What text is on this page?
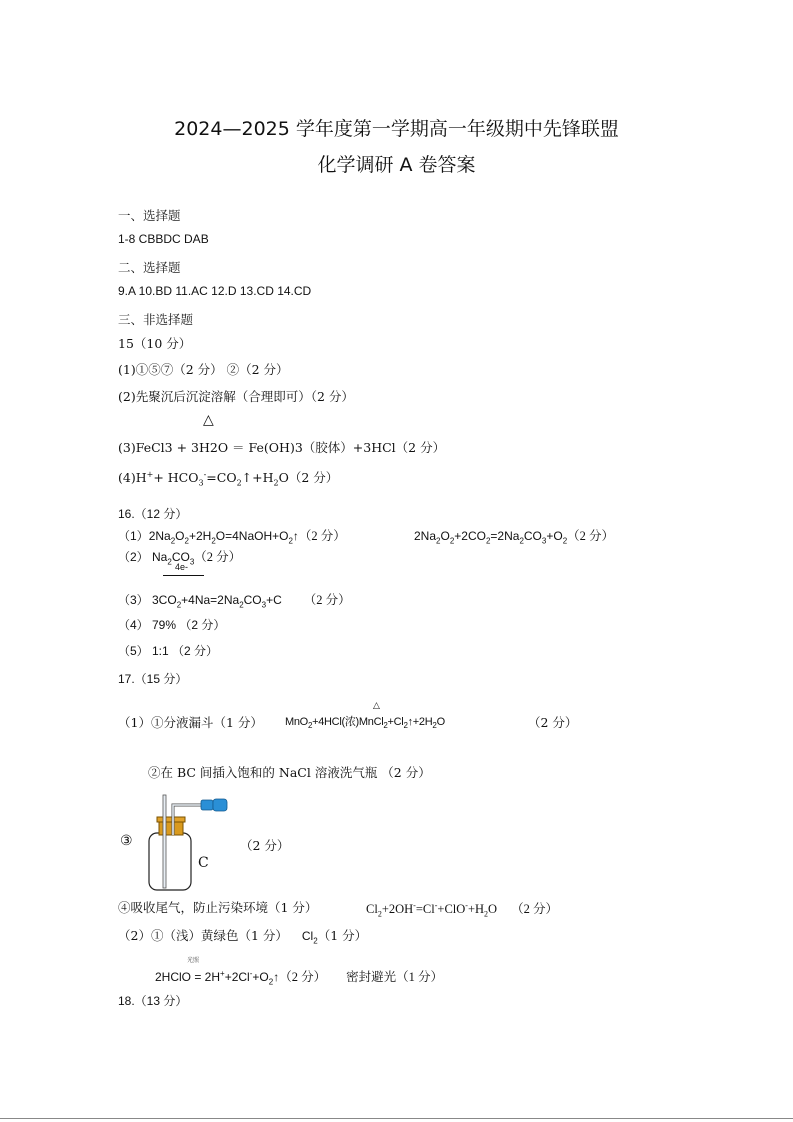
2024—2025 学年度第一学期高一年级期中先锋联盟
化学调研 A 卷答案
一、选择题
1-8 CBBDC DAB
二、选择题
9.A 10.BD 11.AC 12.D 13.CD 14.CD
三、非选择题
15（10 分）
(1)①⑤⑦（2 分） ②（2 分）
(2)先聚沉后沉淀溶解（合理即可）（2 分）
△
(3)FeCl3 + 3H2O ＝ Fe(OH)3（胶体）+3HCl（2 分）
$(4)H^++ HCO_3^-=CO_2↑+H_2O(2$ 分）
16.（12 分）
$(1)2Na_2O_2+2H_2O=4NaOH+O_2↑(2$ 分）	$2Na_2O_2+2CO_2=2Na_2CO_3+O_2(2$ 分）
（2） $Na_2CO_3(2$ 分）
4e-
（3） $3CO_2+4Na=2Na_2CO_3+C$ （2 分）
（4） 79% （2 分）
（5） 1:1 （2 分）
17.（15 分）
（1）①分液漏斗（1 分）
△
MnO$_2$+4HCl(浓)$MnCl_2+Cl_2↑+2H_2O$	（2 分）
②在 BC 间插入饱和的 NaCl 溶液洗气瓶 （2 分）
③
C
（2 分）
④吸收尾气，防止污染环境（1 分）	$Cl_2+2OH^-=Cl^-+ClO^-+H_2O$ （2 分）
（2）①（浅）黄绿色（1 分） $Cl_2(1$ 分）
光照
2HClO = $2H^++2Cl^-+O_2↑(2$ 分） 密封避光（1 分）
18.（13 分）
